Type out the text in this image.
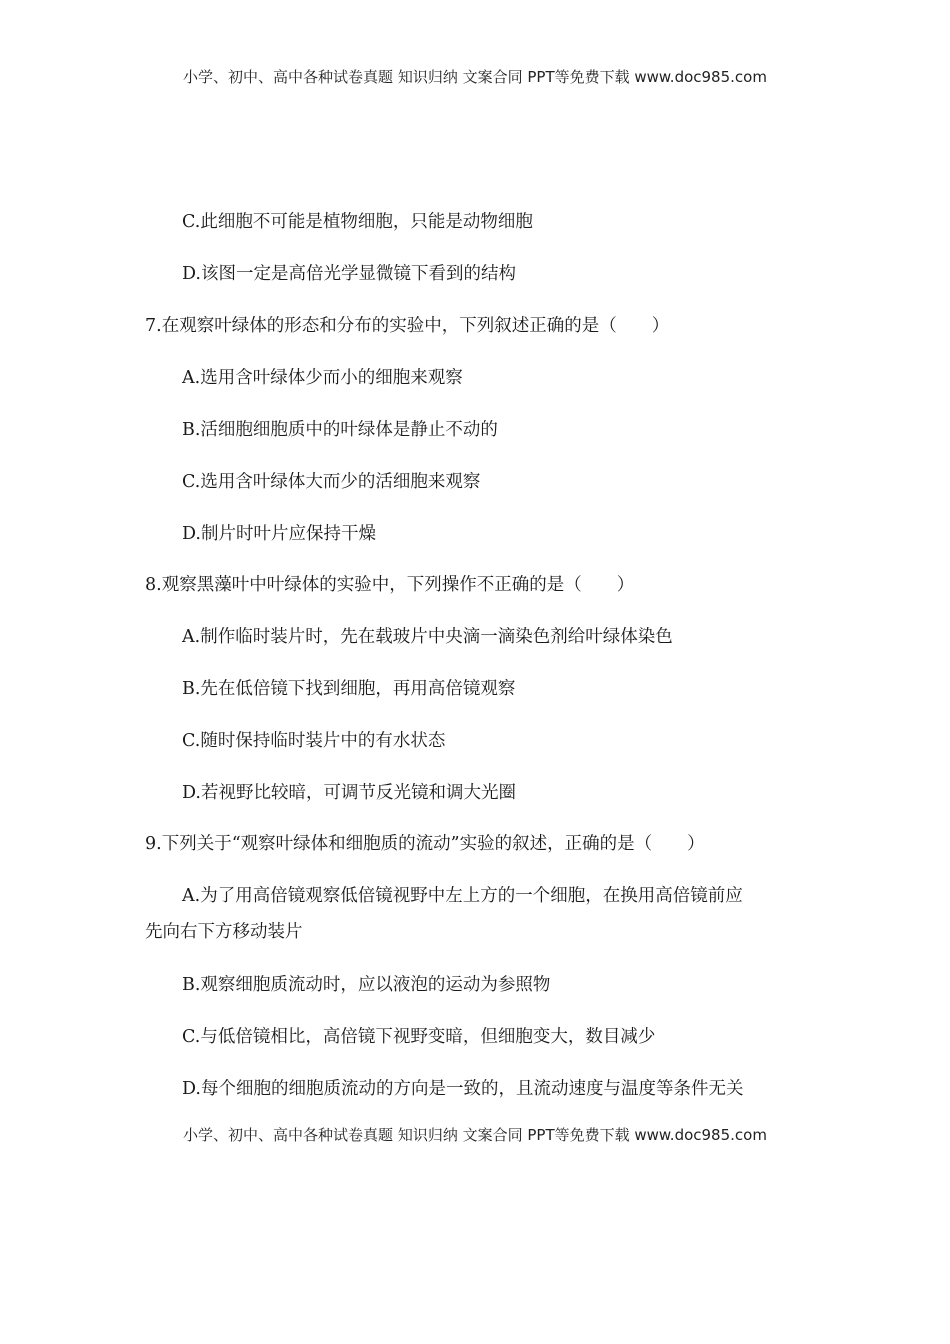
小学、初中、高中各种试卷真题 知识归纳 文案合同 PPT等免费下载 www.doc985.com
C.此细胞不可能是植物细胞，只能是动物细胞
D.该图一定是高倍光学显微镜下看到的结构
7.在观察叶绿体的形态和分布的实验中，下列叙述正确的是（　　）
A.选用含叶绿体少而小的细胞来观察
B.活细胞细胞质中的叶绿体是静止不动的
C.选用含叶绿体大而少的活细胞来观察
D.制片时叶片应保持干燥
8.观察黑藻叶中叶绿体的实验中，下列操作不正确的是（　　）
A.制作临时装片时，先在载玻片中央滴一滴染色剂给叶绿体染色
B.先在低倍镜下找到细胞，再用高倍镜观察
C.随时保持临时装片中的有水状态
D.若视野比较暗，可调节反光镜和调大光圈
9.下列关于“观察叶绿体和细胞质的流动”实验的叙述，正确的是（　　）
A.为了用高倍镜观察低倍镜视野中左上方的一个细胞，在换用高倍镜前应
先向右下方移动装片
B.观察细胞质流动时，应以液泡的运动为参照物
C.与低倍镜相比，高倍镜下视野变暗，但细胞变大，数目减少
D.每个细胞的细胞质流动的方向是一致的，且流动速度与温度等条件无关
小学、初中、高中各种试卷真题 知识归纳 文案合同 PPT等免费下载 www.doc985.com
